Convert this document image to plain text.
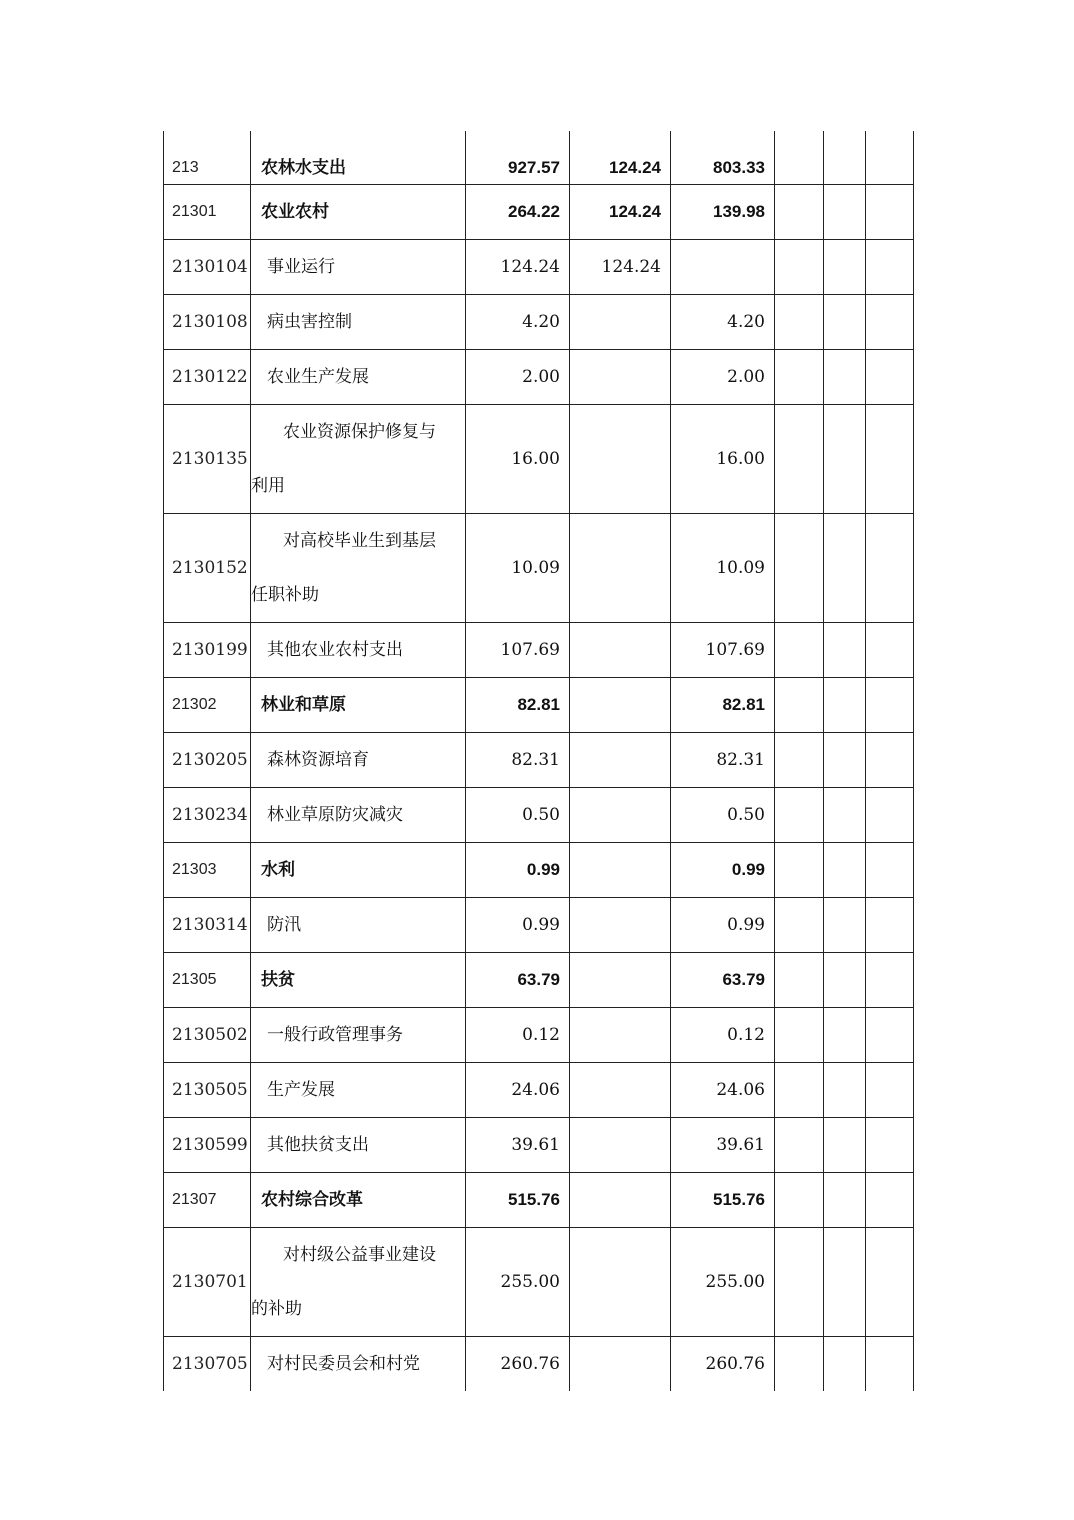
213	农林水支出	927.57	124.24	803.33			
21301	农业农村	264.22	124.24	139.98			
2130104	事业运行	124.24	124.24				
2130108	病虫害控制	4.20		4.20			
2130122	农业生产发展	2.00		2.00			
2130135	农业资源保护修复与
利用	16.00		16.00			
2130152	对高校毕业生到基层
任职补助	10.09		10.09			
2130199	其他农业农村支出	107.69		107.69			
21302	林业和草原	82.81		82.81			
2130205	森林资源培育	82.31		82.31			
2130234	林业草原防灾减灾	0.50		0.50			
21303	水利	0.99		0.99			
2130314	防汛	0.99		0.99			
21305	扶贫	63.79		63.79			
2130502	一般行政管理事务	0.12		0.12			
2130505	生产发展	24.06		24.06			
2130599	其他扶贫支出	39.61		39.61			
21307	农村综合改革	515.76		515.76			
2130701	对村级公益事业建设
的补助	255.00		255.00			
2130705	对村民委员会和村党	260.76		260.76			
